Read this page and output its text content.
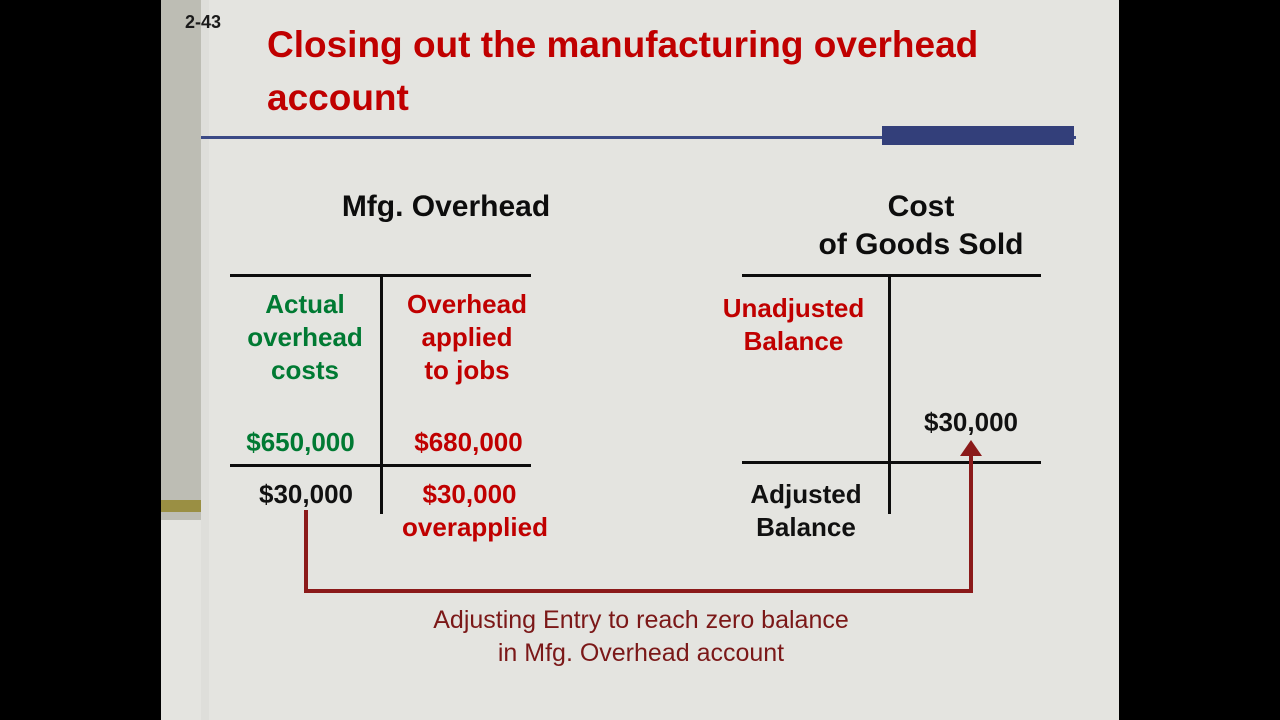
2-43
Closing out the manufacturing overhead account
Mfg. Overhead
Actual
overhead
costs
Overhead
applied
to jobs
$650,000	$680,000
$30,000	$30,000
overapplied
Cost
of Goods Sold
Unadjusted
Balance
$30,000
Adjusted
Balance
Adjusting Entry to reach zero balance
in Mfg. Overhead account
